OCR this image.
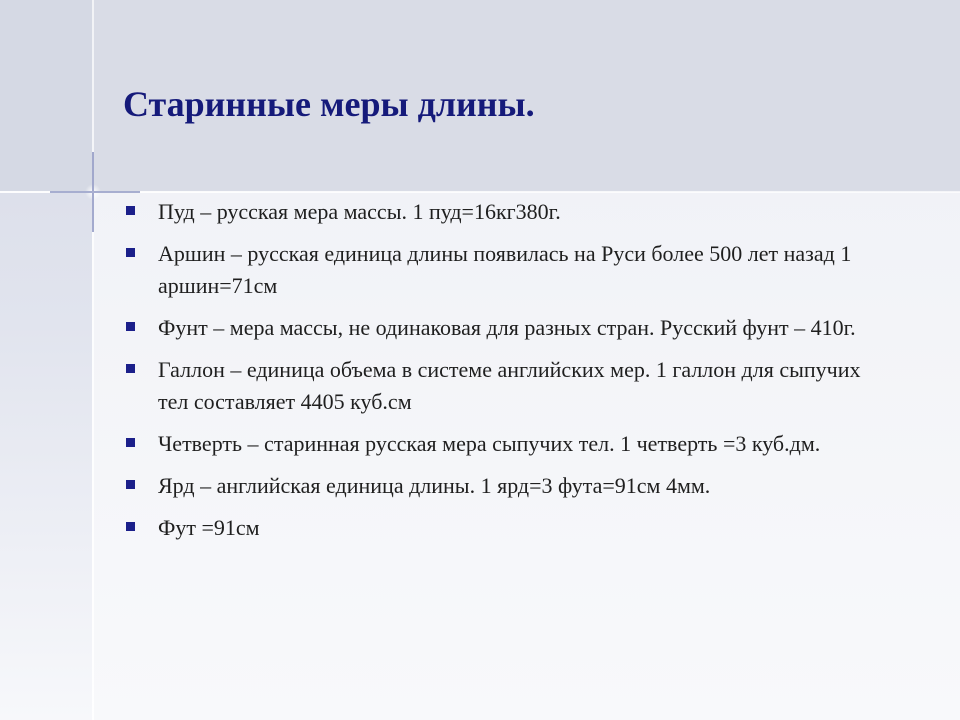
Старинные меры длины.
Пуд – русская мера массы. 1 пуд=16кг380г.
Аршин – русская единица длины появилась на Руси более 500 лет назад 1 аршин=71см
Фунт – мера массы, не одинаковая для разных стран. Русский фунт – 410г.
Галлон – единица объема в системе английских мер. 1 галлон для сыпучих тел составляет 4405 куб.см
Четверть – старинная русская мера сыпучих тел. 1 четверть =3 куб.дм.
Ярд – английская единица длины. 1 ярд=3 фута=91см 4мм.
Фут =91см
